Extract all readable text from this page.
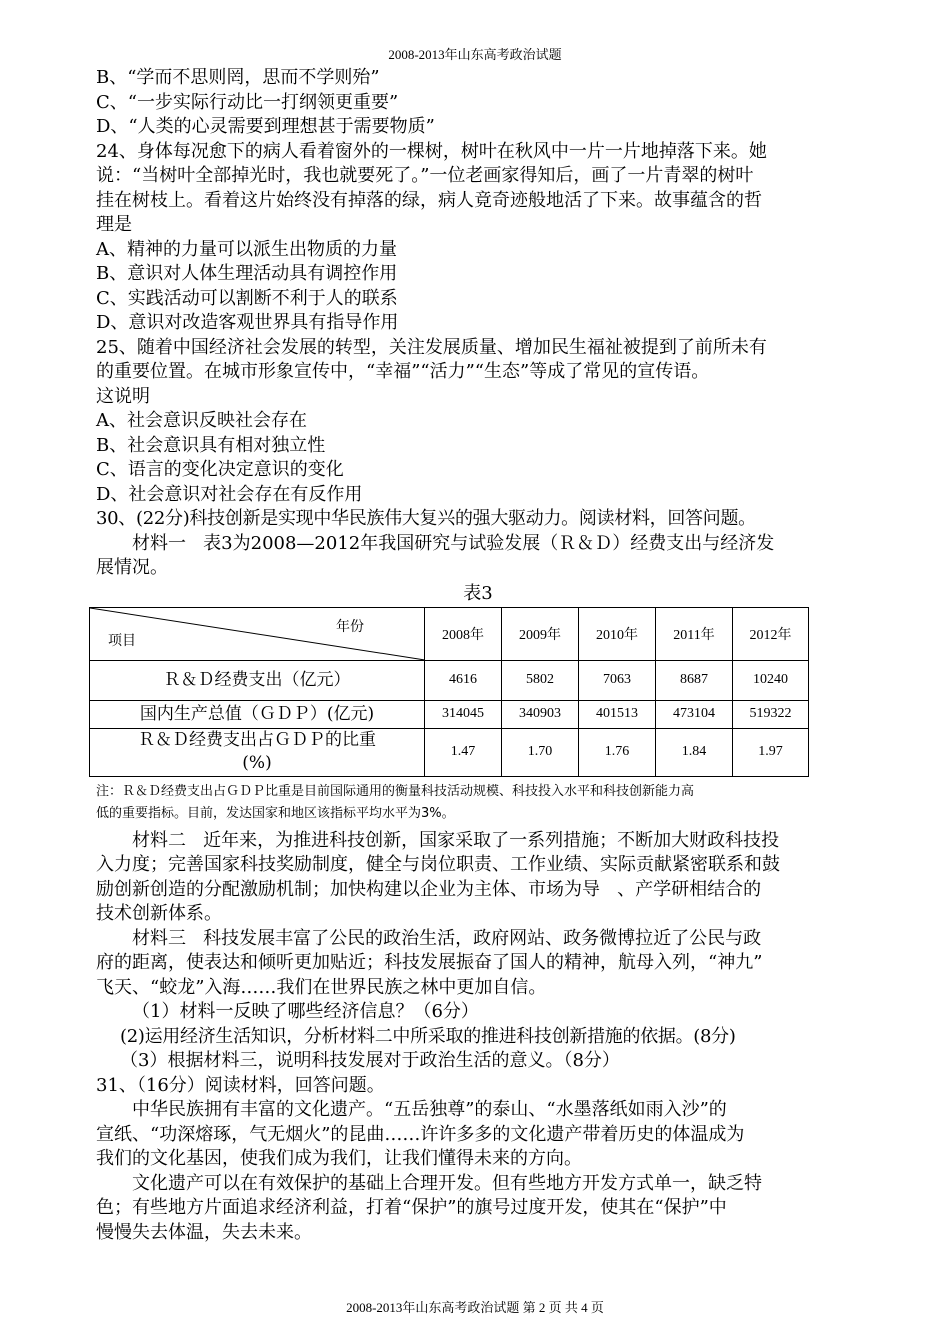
2008-2013年山东高考政治试题

B、“学而不思则罔，思而不学则殆”

C、“一步实际行动比一打纲领更重要”

D、“人类的心灵需要到理想甚于需要物质”

24、身体每况愈下的病人看着窗外的一棵树，树叶在秋风中一片一片地掉落下来。她

说：“当树叶全部掉光时，我也就要死了。”一位老画家得知后，画了一片青翠的树叶

挂在树枝上。看着这片始终没有掉落的绿，病人竟奇迹般地活了下来。故事蕴含的哲

理是

A、精神的力量可以派生出物质的力量

B、意识对人体生理活动具有调控作用

C、实践活动可以割断不利于人的联系

D、意识对改造客观世界具有指导作用

25、随着中国经济社会发展的转型，关注发展质量、增加民生福祉被提到了前所未有

的重要位置。在城市形象宣传中，“幸福”“活力”“生态”等成了常见的宣传语。

这说明

A、社会意识反映社会存在

B、社会意识具有相对独立性

C、语言的变化决定意识的变化

D、社会意识对社会存在有反作用

30、(22分)科技创新是实现中华民族伟大复兴的强大驱动力。阅读材料，回答问题。

材料一   表3为2008—2012年我国研究与试验发展（Ｒ＆Ｄ）经费支出与经济发

展情况。

表3

年份
项目	2008年	2009年	2010年	2011年	2012年
Ｒ＆Ｄ经费支出（亿元）	4616	5802	7063	8687	10240
国内生产总值（ＧＤＰ）(亿元)	314045	340903	401513	473104	519322

Ｒ＆Ｄ经费支出占ＧＤＰ的比重
(%)	1.47	1.70	1.76	1.84	1.97

注：Ｒ＆Ｄ经费支出占ＧＤＰ比重是目前国际通用的衡量科技活动规模、科技投入水平和科技创新能力高

低的重要指标。目前，发达国家和地区该指标平均水平为3%。

材料二   近年来，为推进科技创新，国家采取了一系列措施；不断加大财政科技投

入力度；完善国家科技奖励制度，健全与岗位职责、工作业绩、实际贡献紧密联系和鼓

励创新创造的分配激励机制；加快构建以企业为主体、市场为导   、产学研相结合的

技术创新体系。

材料三   科技发展丰富了公民的政治生活，政府网站、政务微博拉近了公民与政

府的距离，使表达和倾听更加贴近；科技发展振奋了国人的精神，航母入列，“神九”

飞天、“蛟龙”入海……我们在世界民族之林中更加自信。

（1）材料一反映了哪些经济信息？（6分）

(2)运用经济生活知识，分析材料二中所采取的推进科技创新措施的依据。(8分)

（3）根据材料三，说明科技发展对于政治生活的意义。（8分）

31、（16分）阅读材料，回答问题。

中华民族拥有丰富的文化遗产。“五岳独尊”的泰山、“水墨落纸如雨入沙”的

宣纸、“功深熔琢，气无烟火”的昆曲……许许多多的文化遗产带着历史的体温成为

我们的文化基因，使我们成为我们，让我们懂得未来的方向。

文化遗产可以在有效保护的基础上合理开发。但有些地方开发方式单一，缺乏特

色；有些地方片面追求经济利益，打着“保护”的旗号过度开发，使其在“保护”中

慢慢失去体温，失去未来。

2008-2013年山东高考政治试题 第 2 页 共 4 页
